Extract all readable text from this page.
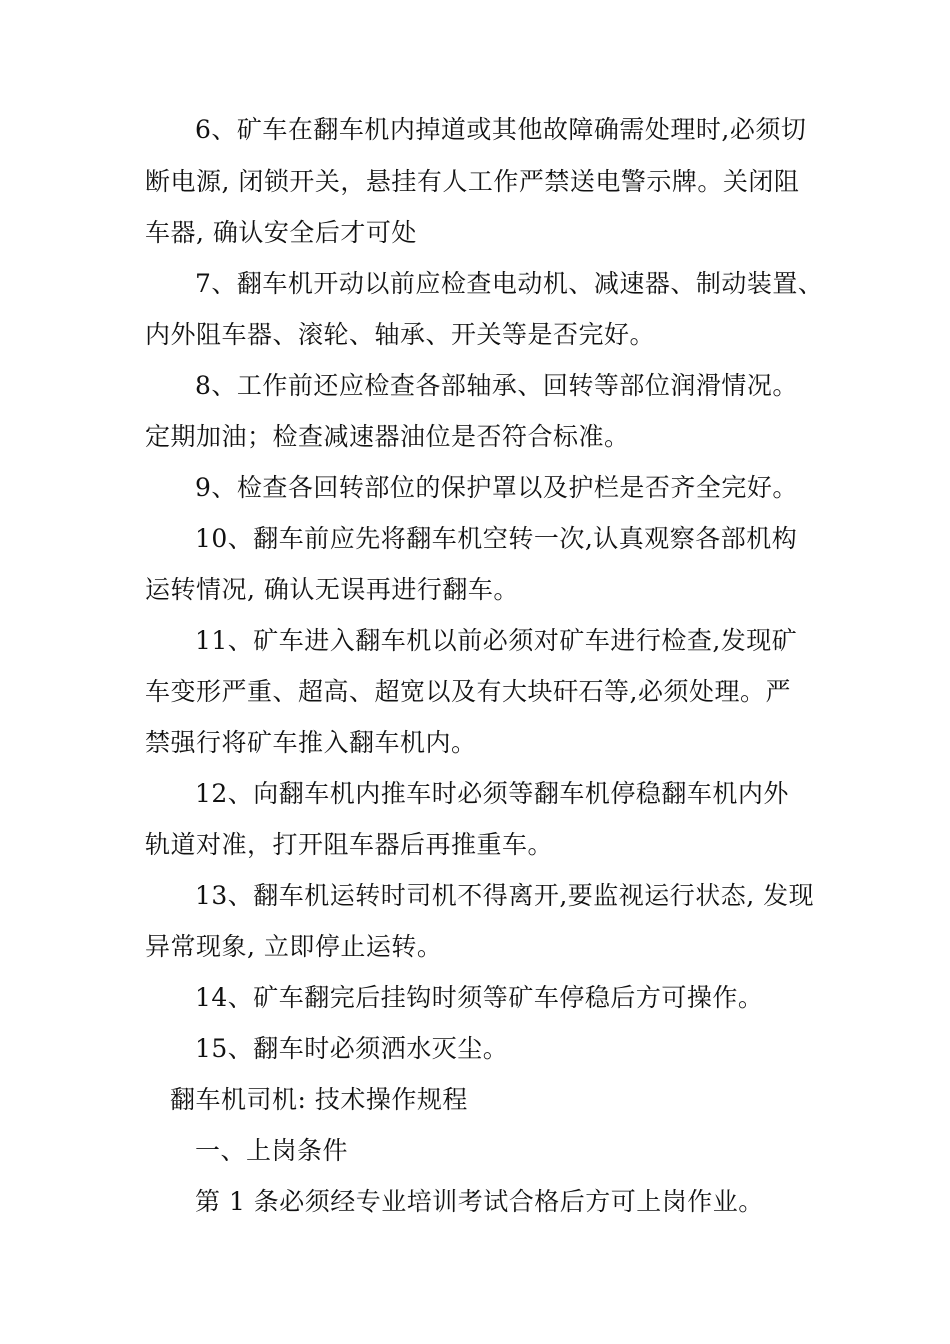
6、矿车在翻车机内掉道或其他故障确需处理时,必须切
断电源, 闭锁开关，悬挂有人工作严禁送电警示牌。关闭阻
车器, 确认安全后才可处
7、翻车机开动以前应检查电动机、减速器、制动装置、
内外阻车器、滚轮、轴承、开关等是否完好。
8、工作前还应检查各部轴承、回转等部位润滑情况。
定期加油；检查减速器油位是否符合标准。
9、检查各回转部位的保护罩以及护栏是否齐全完好。
10、翻车前应先将翻车机空转一次,认真观察各部机构
运转情况, 确认无误再进行翻车。
11、矿车进入翻车机以前必须对矿车进行检查,发现矿
车变形严重、超高、超宽以及有大块矸石等,必须处理。严
禁强行将矿车推入翻车机内。
12、向翻车机内推车时必须等翻车机停稳翻车机内外
轨道对准，打开阻车器后再推重车。
13、翻车机运转时司机不得离开,要监视运行状态, 发现
异常现象, 立即停止运转。
14、矿车翻完后挂钩时须等矿车停稳后方可操作。
15、翻车时必须洒水灭尘。
翻车机司机: 技术操作规程
一、上岗条件
第 1 条必须经专业培训考试合格后方可上岗作业。
